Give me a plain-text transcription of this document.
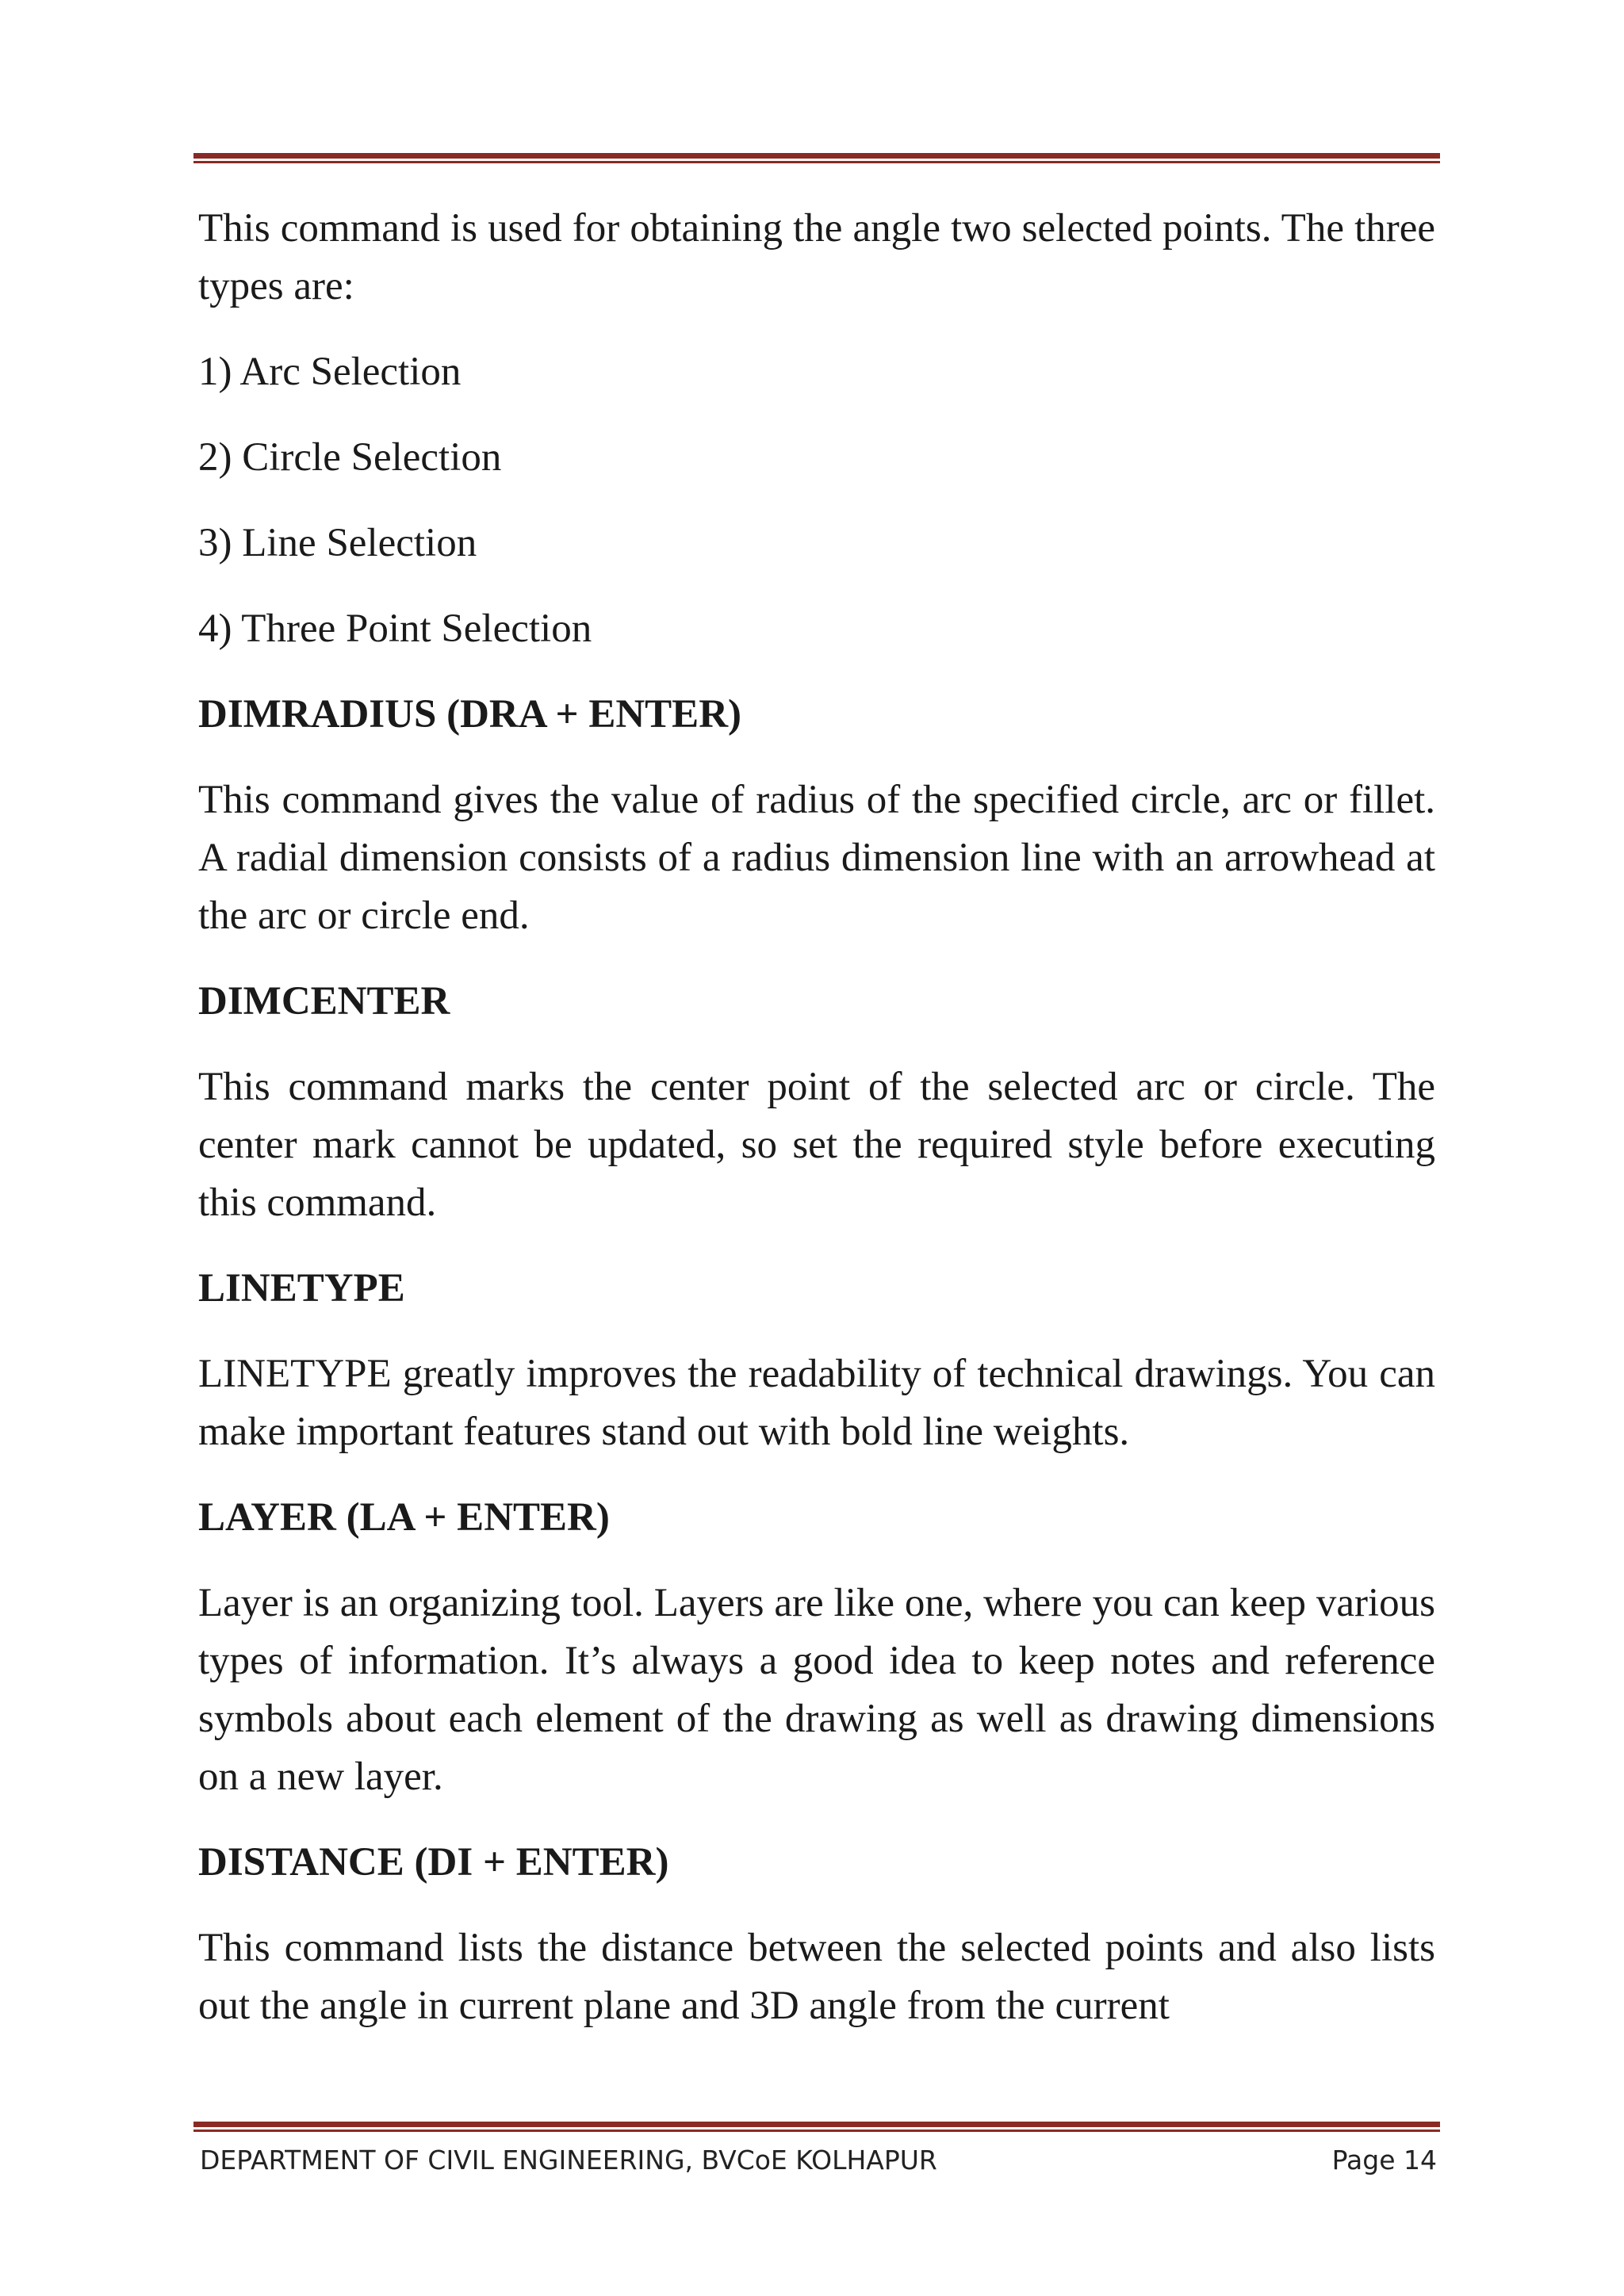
This command is used for obtaining the angle two selected points. The three types are:

1) Arc Selection
2) Circle Selection
3) Line Selection
4) Three Point Selection
DIMRADIUS (DRA + ENTER)

This command gives the value of radius of the specified circle, arc or fillet. A radial dimension consists of a radius dimension line with an arrowhead at the arc or circle end.

DIMCENTER

This command marks the center point of the selected arc or circle. The center mark cannot be updated, so set the required style before executing this command.

LINETYPE

LINETYPE greatly improves the readability of technical drawings. You can make important features stand out with bold line weights.

LAYER (LA + ENTER)

Layer is an organizing tool. Layers are like one, where you can keep various types of information. It’s always a good idea to keep notes and reference symbols about each element of the drawing as well as drawing dimensions on a new layer.

DISTANCE (DI + ENTER)

This command lists the distance between the selected points and also lists out the angle in current plane and 3D angle from the current

DEPARTMENT OF CIVIL ENGINEERING, BVCoE KOLHAPUR	Page 14
